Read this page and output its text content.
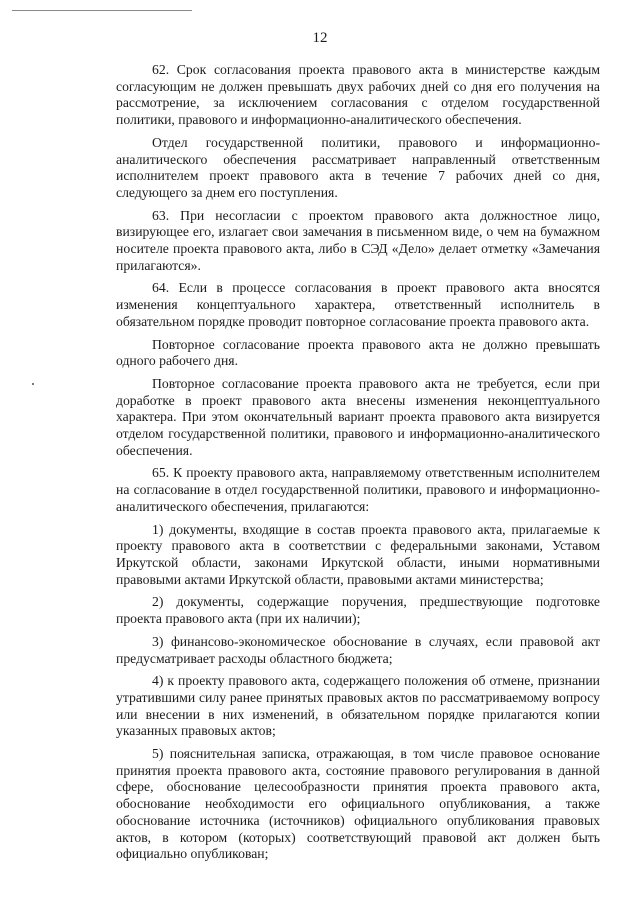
12

62. Срок согласования проекта правового акта в министерстве каждым согласующим не должен превышать двух рабочих дней со дня его получения на рассмотрение, за исключением согласования с отделом государственной политики, правового и информационно-аналитического обеспечения.

Отдел государственной политики, правового и информационно-аналитического обеспечения рассматривает направленный ответственным исполнителем проект правового акта в течение 7 рабочих дней со дня, следующего за днем его поступления.

63. При несогласии с проектом правового акта должностное лицо, визирующее его, излагает свои замечания в письменном виде, о чем на бумажном носителе проекта правового акта, либо в СЭД «Дело» делает отметку «Замечания прилагаются».

64. Если в процессе согласования в проект правового акта вносятся изменения концептуального характера, ответственный исполнитель в обязательном порядке проводит повторное согласование проекта правового акта.

Повторное согласование проекта правового акта не должно превышать одного рабочего дня.

Повторное согласование проекта правового акта не требуется, если при доработке в проект правового акта внесены изменения неконцептуального характера. При этом окончательный вариант проекта правового акта визируется отделом государственной политики, правового и информационно-аналитического обеспечения.

65. К проекту правового акта, направляемому ответственным исполнителем на согласование в отдел государственной политики, правового и информационно-аналитического обеспечения, прилагаются:

1) документы, входящие в состав проекта правового акта, прилагаемые к проекту правового акта в соответствии с федеральными законами, Уставом Иркутской области, законами Иркутской области, иными нормативными правовыми актами Иркутской области, правовыми актами министерства;

2) документы, содержащие поручения, предшествующие подготовке проекта правового акта (при их наличии);

3) финансово-экономическое обоснование в случаях, если правовой акт предусматривает расходы областного бюджета;

4) к проекту правового акта, содержащего положения об отмене, признании утратившими силу ранее принятых правовых актов по рассматриваемому вопросу или внесении в них изменений, в обязательном порядке прилагаются копии указанных правовых актов;

5) пояснительная записка, отражающая, в том числе правовое основание принятия проекта правового акта, состояние правового регулирования в данной сфере, обоснование целесообразности принятия проекта правового акта, обоснование необходимости его официального опубликования, а также обоснование источника (источников) официального опубликования правовых актов, в котором (которых) соответствующий правовой акт должен быть официально опубликован;
